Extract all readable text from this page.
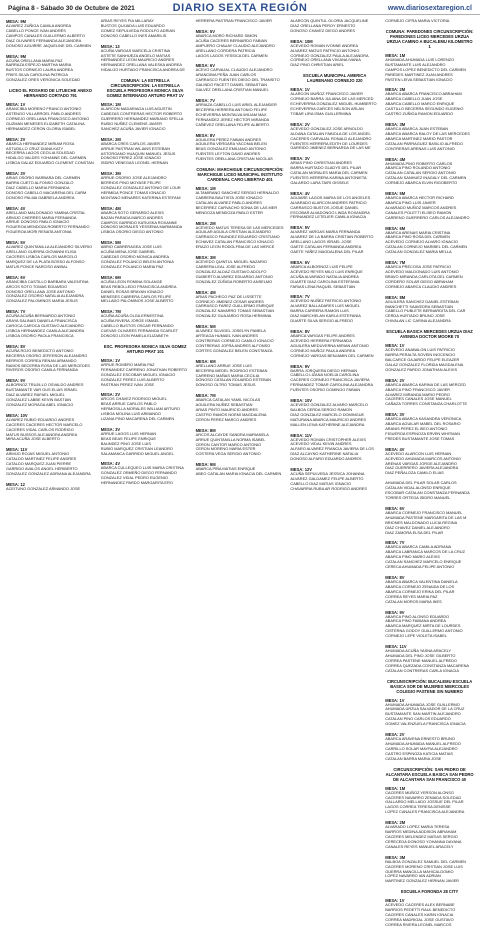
Página 8 - Sábado 30 de Octubre de 2021	DIARIO SEXTA REGIÓN	www.diariosextaregion.cl
MESA: 9M
ALVAREZ ZUÑIGA CAMILA ANDREA
CABELLO PONCE IVAN ANDRÉS
CAMPOS CANALES GUILLERMO ALBERTO
DIAZ OLIVARES FERNANDA ALEJANDRA
DONOSO AGUIRRE JAQUELINE DEL CARMEN
MESA: 9M
ACUÑA ORELLANA MARIA PAZ
BARRAZA ESPEJO MARTHA MARIA
BUSTOS CORNEJO LAURA ANDREA
FRIES SILVA CAROLINA PATRICIA
GONZALEZ ORES VERONICA SOLEDAD
LICEO EL ROSARIO DE LITUECHE ANEXO HERNANDO CORTADO 791
MESA: 1V
ARANCIBIA MORENO FRANCO ANTONIO
ASTENGO VILLARROEL PABLO ANDRES
CORNEJO ORELLANA FRANCISCO ANTONIO
GUZMAN MENESES ELIZABETH CATALINA
HERNANDEZ CERON GLORIA ISABEL
MESA: 2V
ABARCA HERNANDEZ MIRIAM ROSA
ASTUDILLO CRUZ DIANA KATY
BECERRA LAGOS CECILIA SOLEDAD
HIDALGO VALDES YOHANNE DEL CARMEN
LISBOA GALAZ EDUARDO CLEMENT CONSTAN
MESA: 3V
ARIAS OSORIO BARBARA DEL CARMEN
BARRA CUETO ALFONSO GONZALO
DIAZ CABELLO MARIA FERNANDA
DONOSO CABELLO MACARENA DEL CARM
DONOSO PALMA GABRIELA ANDREA
MESA: 4V
ARELLANO MALDONADO YAMINA CRISTAL
ARMIJO CHERRES MARIA FERNANDA
ARRUE DONOSO PABLO IGNACIO
FIGUEROA MENDOZA ROBERTO FERNANDO
FIGUEROA MORI RENATA ANTONIA
MESA: 5V
ALVAREZ QUINTANILLA ALEJANDRO SILVERIO
ARELLANO GUERRA GIOVANNI ELISA
CACERES LISBOA CARLOS MARCELO
MARQUEZ DE LA PLATA BOSSO ALFONSO
MATUS PONCE NARCISO ANIBAL
MESA: 6V
ARANCIBIA CASTILLO BARBARA VALENTINA
ARCOS SOTO TOMAS EDUARDO
DONOSO ORELLANA JOSE ANTONIO
GONZALEZ OSORIO NATALIA ALEJANDRA
GONZALEZ PALOMINOS MARIA JESUS
MESA: 7V
ACUÑA ACUÑA BERNARDO ANTONIO
ARAYA SALINAS DANIELA FRANCISCA
CAROCA CAROCA GUSTAVO ALEJANDRO
LISBOA HERNANDEZ CAMILA ALEJANDRA
LISBOA OSORIO PAOLA FRANCISCA
MESA: 8V
ACUÑA ROJO BENEDICTO ANTONIO
BECERRA OSORIO JEFERSON ALEJANDRO
BERRIOS CORREA RENAN ARMANDO
RAMOS BECERRA ROSA DE LAS MERCEDES
RIVEROS OSORIO CAMILA FERNANDA
MESA: 9V
ALBORNOZ TRUJILLO OSVALDO ANDRES
BUSTAMANTE VAR GUS ELIAS ISRAEL
DIAZ ALVAREZ RAFAEL MIGUEL
GONZALEZ LABBE KEVIN BASTIAN
GONZALEZ MORAGA ABEL IGNACIO
MESA: 10V
ALVAREZ RUBIO EDUARDO ANDRES
CACERES CACERES HECTOR MARCELO
CACERES VIDAL CARLOS RODRIGO
MATUS BUSSOS ALEJANDRA ANDREA
MIRA ACUÑA JOSE ALBERTO
MESA: 11V
ARMIJO ROJAS MIGUEL ANTONIO
CATALDO MARTINEZ FELIPE ANDRES
CATALDO MARQUEZ JUAN PIERRE
GARRIDO AVALOS ANGEL HERIBERTO
GONZALEZ GONZALEZ ADRIANA ALEJANDRA
MESA: 12
ACEITUNO GONZALEZ ARMANDO JOSE
ARIAS REYES PIA MILLARAY
BUSTOS QUIJADA LUIS EDUARDO
GOMEZ SEPULVEDA RODOLFO ADRIAN
DONOSO CABELLO INES AMARILIS
MESA: 13
ACUÑA VARGAS MARCELA CRISTINA
ASTETE SANHUEZA ANGELO MATIAS
HERNANDEZ LEON MAURICIO ANDRES
HERNANDEZ ORELLANA VALESKA ANDREA
HIDALGO HURTADO FRANCISCA ANDREA DE
COMUNA: LA ESTRELLA CIRCUNSCRIPCIÓN: LA ESTRELLA ESCUELA PROFESORA MONICA SILVA GOMEZ INTERNADO ARTURO PRAT 1V
MESA: 1M
ALARCON MADARIAGA LUIS AGUSTIN
CABEZAS CONTRERAS HECTOR ROBERTO
GUERRERO HERNANDEZ MARIANO SFELLA
RUBIO NUÑEZ CLEMENS JAVIER
SANCHEZ ACUÑA JAVIER IGNACIO
MESA: 2M
ABARCA CRES CARLOS JAVIER
ARRUE PASTRAN WILIANS ESTEBAN
ASTORGANO HUAQUIN MANUEL JESUS
DONOSO PEREZ JOSE IGNACIO
ISIDRO VENEGAS LEONEL HERNAN
MESA: 3M
ARRUE OSORIO JOSE ALEJANDRO
BERRIOS PINO MOYASE FELIPE
GONZALEZ GONZALEZ ANTONIO DE LOUR
HERMIDA PONCE TOMAS IGNACIO
MONTANO MENARES KATERINA ESTEFANI
MESA: 4M
ABARCA SOTO GERARDO ALEXIS
BAZAN PARADA MARCO ANDRES
CAMPOS GARRIDO KATIUSKA ROXANNE
DONOSO MORALES YESSENIA MARMANDA
LISBOA OSORIO DIEGO ANTONIO
MESA: 5M
ABRIO CABRERAGEA JOSE LUIS
ACUÑA MENA JOSE GABRIEL
CABEZAS OSORIO MONICA ANDREA
GONZALEZ POLANCO BELEN ANTONIA
GONZALEZ POLANCO MARIA PAZ
MESA: 6M
ACUÑA LEON ROMINA SOLANGE
BEAS REBOLLEDO FRANCISCA ANDREA
DANIEL ROSAS BRAYAN IGNACIO
MENESES CABRERA CARLOS FELIPE
MELLADO PALOMINOS JOSE ALBERTO
MESA: 7M
ACUÑA ACUÑA OLGA ERNESTINA
ACUÑA RIVERA JORGE ISMAEL
CABELLO BUSTOS OSCAR FERNANDO
CUEVAS OLIVARES FERNANDA SCARLET
DONOSO LEON PAMELA ELIZABETH
ESC. PROFESORA MONICA SILVA GOMEZ ARTURO PRAT 101
MESA: 1V
ARRUE ROMERO MARIA PAZ
FERNANDEZ CARRENO JONATHAN ROBERTO
GONZALEZ ESCOBAR MIGUEL IGNACIO
GONZALEZ PEREZ LUIS ALBERTO
PASTRAN PEREZ IVAN JOSE
MESA: 2V
ARCOS CHAVEZ RODRIGO MIGUEL
BEAS ARRUE CARLOS PABLO
HERMOSILLA MORALES WILLIAM ARTURO
LISBOA MOLINA LUIS ARMANDO
LIZANA PINO MACARENA DEL CARMEN
MESA: 3V
ARRUE LAGOS LUIS HERNAN
BEAS BEAS FELIPE ENRIQUE
BAUNDEZ PINO JOSE LUIS
RUBIO MARQUEZ CRISTIAN LEANDRO
SALAMANCA GARRIDO MIGUEL ANGEL
MESA: 4V
ABARCA CULLEQUEO LUIS MARIA CRISTINA
GONZALEZ ORMEÑO DIEGO FERNANDO
GONZALEZ VIDAL PEDRO EUGENIO
HERNANDEZ PARDO MARGARITA ERO
HERRERA PASTRAN FRANCISCO JAVIER
MESA: 5V
ABARCA MORO RICHARD SIMON
ACUÑA CACERES BERNARDO FABIAN
AMPUERO CHAUAY CLAUDIO ALEJANDRO
ARELLANO CORDERA PATRICIA
LAGOS LAGOS YESSICA DEL CARMEN
MESA: 6V
ACEVO CARVAJAL CLAUDIO ALEJANDRO
ARANCIBIA PEÑA JUAN CARLOS
CARRASCO FUENTES DIEGO DEL TRANSITO
GALINDO PACETT DANIEL SEBASTIAN
GALVEZ ORELLANA CRISTIAN MANUEL
MESA: 7V
ARRIAZA CABELLO LUIS ARIEL ALEJANDER
BECERRA HERRERA ANTONIO FELIPE
ECHEVERRIA MONTALVA WILIAM MAX
FERNANDEZ JEREZ HECTOR MIRANDA
CAÑEVEZ ORELLANA FELIPE ALBERTO
MESA: 8V
AGUILERA PEREZ FABIAN ANDRES
AGUILERA VERGARA YACONIA BELEN
BEAS GONZALEZ EMILIANO ANTONIO
FUENTES LEYTON DAVID ANDRES
FUENTES ORELLANA CRISTIAN NICOLAS
COMUNA: MARCHIGUE CIRCUNSCRIPCIÓN: MARCHIGUE LICEO MUNICIPAL INSTITUTO CARDENAL CARO LIBERTAD 401
MESA: 1M
ALTAMIRANO SANCHEZ SERGIO HERNALDO
CABRERA BAUTISTA JOSE IGNACIO
CATALAN ALVAREZ PABLO ANDRES
BECERREZ CARVACHO SONIA DE LAS MER
MENDOZA MENDOZA PABLO ESTER
MESA: 2M
ACEVEDO MATUS TERESA DE LAS MERCEDES
AGUILAR AGUILA CRISTIAN ALEJANDRO
CARRASCO FAUNDEZ EDUARDO CRISTIANO
ECHAVEZ CATALAN FRANCISCO IGNACIO
ERAZO LEON RODOLFINA DE LAS MERCE
MESA: 3M
ACEVEDO QUINTUL MIGUEL NAZARIO
CABRERA LEAL JOSE ALFREDO
GONZALEZ ALDAZ GUSTAVO ADOLFO
GUIBERTO ALVAREZ EDUARDO ANTONIO
GONZALEZ ZÚÑIGA ROBERTO ANSELMO
MESA: 4M
ARIAS PACHECO PAZ DE LISSETTE
CORNEJO JIMENEZ CESAR ANDRES
CARRASCO FAREZ GUILLERMO ENRIQUE
GONZALEZ NAVARRO TOMAS SEBASTIAN
GONZALEZ GUAJARDO ROSA HERMINIA
MESA: 5M
ALVAREZ SILVIGEL JOSELYN PAMELA
ARTEAGA HUMAEL IVAN ANDRES
CONTRERAS CORNEJO CAMILO IGNACIO
CONTRERAS JOFRA ANDRES ALFONSO
CORTES GONZALEZ BELEN CONSTANZA
MESA: 6M
ARELLANO ARRUE JOSE LUIS
BECERRA MEDEL RODRIGO ESTEBAN
CARRENO MAÑAS MARIA CECILIA
DONOSO CATALAN EDUARDO ESTEBAN
DONOSO OLTRO TOMAS JESUS
MESA: 7M
ABARCA CATALAN YAMIL NICOLAS
AGUILERA NUÑEZ SEBASTIAN
ARIAS PINTO MAURICIO ANDRES
CASTRO RAMOS NOEMI MAGDALENA
CERON PEREZ MARCO ANDRES
MESA: 8M
ARCOS ALCAYDE SANDRA MARIANELA
ARRUE QUINTANILLA NORMA ISABEL
CERON CANTOR MARCO ANTONIO
CERON MORENO MARIA ESTER
COSTERA VEGA SERGIO ANTONIO
MESA: 9M
ABARCA PIÑA MATIAS ENRIQUE
ABEO CATALAN MARIA IGNACIA DEL CARMEN
ALARCON QUINTUL GLORIA JACQUELINE
DIAZ ORELLANA PEROY ERNESTO
DONOSO CHAVEZ DIEGO ANDRES
MESA: 10M
ACEVEDO ROMAN IVONNE ANDREA
ALVAREZ MATUS PATRICIO ANTONIO
CORNEJO GONZALEZ PAULA ALEJANDRA
CORNEJO ORELLANA VIVIANA IVANIA
DIAZ PINO CHRISTIAN ARIEL
ESCUELA MUNICIPAL AMERICA LAURENANO CORNEJO 220
MESA: 1V
ALARCON MUÑOZ FRANCISCO JAVIER
CORNEJO BARRA JULIANA DE LAS MERCED
ECHEVERRIA GONZALEZ MIGUEL HUMBERTO
ECHEVERRIA GARCES NELSON ARLAN
TOBAR LIRA ISMA GUILLERMINA
MESA: 2V
ACEVEDO GONZALEZ JOSE ARNOLDO
ALDANA CATALAN FABIOLA DE LOS ANGEL
CACERES CARVAJAL RONALD ALEJANDRO
FUENTES HERRERA EDITH DE LOURDES
GARRIDO JIMENEZ BERNARDA DE LAS ME
MESA: 3V
ARIAS PINO CHRISTIAN ANDRES
BARRA HURTADO GLADYS DEL PILAR
CATALAN MORALES MARIA DEL CARMEN
FUENTES HERRERA KARINA ANTONIETA
GALARDO LARA TAIRI GISSELE
MESA: 4V
AGUIARE LAGOS MARIA DE LOS ANGELES
ALVARADO ALARCON ANDRES PATRICIO
CARRASCO BUSTOS JOSUE DANIEL
ESCOBAR ALVADONGO LINDA ROXANDRA
FERNANDEZ LETELIER CAMILA IGNACIA
MESA: 5V
ALVAREZ VARGAS MARIA FERNANDA
ALVAREZ DE LA BARRA CRISTIAN ROBERTO
ARELLANO LAGOS ISRAEL JOSE
GAETE CATALAN FERNANDA ANDREA
GAETE YAÑEZ MAGDALENA DEL PILAR
MESA: 6V
ABARCA ALBORNOZ LUIS FELIPE
ACEVEDO REYES MILO LUIS ENRIQUE
ACUÑA ALVARADO NATALIA ANDREA
DUARTE DIAZ CAROLINA ESTEFANIA
FARIAS LENA RAQUEL SEBASTIAN
MESA: 7V
ACEVEDO NUÑEZ PATRICIO ANTONIO
ALVAREZ BALLADARES LUIS MIGUEL
BARRA CARRERA RAMON LUIS
DIAZ MARCHELAN KARLA ESTEFANIA
DUARTE SILVA SERGIO ALFREDO
MESA: 8V
ABARCA VARGAS FELIPE ANDRES
ACEVEDO HERRERA FERNANDA
AGUILERA MEDUVERNA MIRIAN ANTONIO
CORNEJO MUÑOZ PAULA ANDREA
CORNEJO VARGAS BENJAMIN DEL CARMEN
MESA: 9V
BARRA JORQUERA DIEGO HERNAN
CABELLO LIZANA NOELIA CAROLINA
CACERES CORNEJO FRANCISCA JAVIERA
FERNANDEZ TOBAR CAROLINA ALEJANDRA
FUENTES OSORIO DOMINGO FABIAN
MESA: 10V
ACEVEDO GONZALEZ ALVARO MARCELO
BALBOA CERDA SERGIO RAMON
DIAZ GONZALEZ MARCELO DOMINGUE
MATURANA ABARCA MAURICIO ANDRES
MALLEN LEIVA KATHERINE ALEJANDRA
MESA: 11V
ACEVEDO ROMAN CRISTOPHER ALEXIS
ACEVEDO VIDAL KEVIN ANDRES
ALFARO ALVAREZ FRANCIA JAVIERA DE LOS
DIAZ ALCAYNO KATHERINE NATALIA
DONOSO ALFARO EDUARDO ANDRES
MESA: 12V
ACUÑA SEPULVEDA JESSICA JOHANNA
ALVAREZ GALDAMEZ FELIPE ALBERTO
CABELLO DIAZ MATIAS IGNACIO
CHAVARRIA RUBILAR RODRIGO ANDRES
CORNEJO CIFRA MARIA VICTORIA
COMUNA: PAREDONES CIRCUNSCRIPCIÓN: PAREDONES LICEO MERCEDES URZUA URZUA CAMINO A BUCALEMU KILOMETRO 1
MESA: 1M
AHUMADA AHUMADA LUIS LORENZO
BUSTAMANTE LUIS ALEJANDRO
CAMPOS LOPEZ BENEDICTO DEL CARMEN
PAREDES MARTINEZ JUAN ANDRES
PASTEN LEIVA SEBASTIAN IGNACIO
MESA: 2M
ABARCA ABARCA FRANCISCO ABRAHAM
ABARCA CABELLO JUAN JOSE
ABARCA CABELLO MARCO ENRIQUE
CASTILLO BECERRA SEGUNDO EUGENIO
CASTRO ZUÑIGA RAMON EDUARDO
MESA: 3M
ABARCA ABARCA JUAN ESTEBAN
ABARCA ABARCA RALOY DE LAS MERCEDES
ABARCA MARTINEZ MARIO PASTOR
CATALAN PARRAGUEZ BASILIO ALFREDO
CONTRERAS ARENAS LUIS ANTONIO
MESA: 4M
AHUMADA PINO ROBERTO CARLOS
ABARCA PINO ROLANDO ANTONIO
CATALAN CATALAN SERGIO ANTONIO
CATALAN SANHUEZ INAGALY DEL CARMEN
CORNEJO ABARCA ELVIN RIGOBERTO
MESA: 5M
ABARCA ABARCA HECTOR RICHARD
ABARCA PINO LUIS JAVIER
ALVARADO MUÑOZ MARCOS ANDRES
CANALES POLETTI ELISEO RAMON
CARRENO GUERRERO CARLOS ALEJANDRO
MESA: 6M
ABARCA ARENAS MARIA CRISTINA
ABARCA PINO ROSA DEL CARMEN
ACEVEDO CORNEJO ALVARO IGNACIO
CATALAN CORNEJO MARIBEL DEL CARMEN
CATALAN GONZALEZ MARIA MELLA
MESA: 7M
ABARCA PRECOSA JOSE PATRICIO
ACEVEDO MALDONADO LUIS ANTONIO
BRAVO MIRANDA CARLOTA DEL CARMEN
CORDERO SOLAR DIEGO ABRAHAM
CORNEJO ABARCA CLAUDIO ANDRES
MESA: 8M
AGUILERA SANCHEZ DANIEL ESTEBAN
BIANCHETTI SAAVEDRA SEBASTIAN
CABELLO PUBLETE BERNARDITA DEL CAR
CERDA HURTADO BRUNO JOSE
CHIVALAN LIC CARINA ALEJANDRA
ESCUELA BASICA MERCEDES URZUA DIAZ AVENIDA DOCTOR MOORE 70
MESA: 1V
ACEVEDO ANABALON LUIS PATRICIO
BARRA PERALTA SOVEIN INOCENCIO
BALCARCE GAJARDO FELIPE ELEAZER
GALAZ GONZALEZ FLORIDA MAGDALENA
GONZALEZ PARDO JONATHAN ALEXIS
MESA: 2V
ABARCA ABARCA KARINA DE LAS MERCED
ABARCA PINO FRANCISCO JAVIER
ALVAREZ MIRANDA MARIO PEDRO
CACERES CANALES JOSE MANUEL
CAÑAZA TORRES CONSTANZA CHARLOTTE
MESA: 3V
ABARCA ABARCA KASANDRA VERONICA
ABARCA AGUILAR MABEL DEL ROSARIO
ARANIS PEREZ ELISEO ANTONIO
FIGUEROA ESPINOZA ERVEN WHITMAN
FREDES BUSTAMANTE JOSE TOMAS
MESA: 4V
ACEVEDO ALARCON LUIS HERNAN
ACEVEDO AHUMADA MARCOS ANTONIO
ARENAS VARGAS JORGE ALEJANDRO
DIAZ GUERRERO JAVIERA ALEJANDRA
DIAZ PEÑALOZA CAMILO ELIAS
AHUMADA DEL PILAR SOLAR CARLOS
CATALAN VIDAL ALONSO ENRIQUE
ESCOBAR CATALAN CONSTANZA FERNANDA
TORRES ORTEGA ISIDRO MANUEL
MESA: 6V
ABARCA CORNEJO FRANCISCO MANUEL
AHUMADA PASTENE MARGARITA DE LAS M
BRIONES MALDONADO LUCIA REGINA
DIAZ CHAVEZ DANIEL ALEJANDRO
DIAZ ZAMORA ELSA DEL PILAR
MESA: 7V
ABARCA ABARCA CAMILA ADRIANA
ABARCA LABRANCA MARCOS DE LA CRUZ
ABARCA PINO MARIO ALEXIS
CATALAN SANCHEZ MARCELO ENRIQUE
CERECA AHUMADA FELIPE ANTONIO
MESA: 8V
ABARCA ABARCA VALENTINA DANIELA
ABARCA CORNEJO ZENAIDA DE LOS
ABARCA CORNEJO ERIKA DEL PILAR
CORREA REYES MARIA PAZ
CATALAN MOROS MARIA INES
MESA: 9V
ABARCA PINO ALONSO EDUARDO
ABARCA PINO FABIANA ANDREA
ABARCA MARQUEZ MIRTA DE LOURDES
CISTERNA GODOY GUILLERMO ANTONIO
CORNEJO LEPE VIOLETA ISABEL
MESA: 11V
AHUMADA ACUÑA YASNA ARACELY
AHUMADA DEL PINO JOSE GILBERTO
CORREA PASTENE MANUEL ALFREDO
CORREA QUEZADA CONSTANZA MACARENA
CATALAN CONTRERAS CARLA IGNACIA
CIRCUNSCRIPCIÓN: BUCALEMU ESCUELA BASICA SOR DE MUJERES MIERCOLES COLEGIO PASTENE SIN NUMERO
MESA: 1V
AHUMADA AHUMADA JOSE GUILLERMO
AHUMADA URZUA SALVADOR DE LA CRUZ
BUSTAMANTE SAN MARTIN ALEJANDRO
CATALAN PINO CARLOS EDUARDO
GOMEZ VALENZUELA FRANCISCA IGNACIA
MESA: 2V
ABARCA ARAVENA ERNESTO BRUNO
AHUMADA AHUMADA MANUEL ALFREDO
CARRILLO SOLAR MAYRA ALEJANDRO
CASTRO ESPINOZA KATICIA MATIAS
CATALAN BARRA MARIA JOSE
CIRCUNSCRIPCIÓN: SAN PEDRO DE ALCANTARA ESCUELA BASICA SAN PEDRO DE ALCANTARA SAN FRANCISCO 40
MESA: 1M
CACERES MUÑOZ YERSON ALONSO
CACERES NAVARRO ZENAIDA SOLEDAD
GALLARDO MELLADO JOSSUE DEL PILAR
LAGOS CORREA TERESA DENISSE
LOPEZ CANALES FRANCISCA ALEJANDRA
MESA: 2M
ALVARADO LOPEZ MARIA TERESA
BARROS MEDINA ADDISON ABRAHAM
CACERES MELENDEZ MATIAS SERGIO
CERECEDA DONOSO YOHANNA DAYANA
CANALES REYES MANUEL ARACELY
MESA: 3M
BALBOA GONZALEZ SAMUEL DEL CARMEN
CACERES MORENO CRISTIAN JOSE LUIS
GUERRA MANCILLA MAHICALDOMIO
LOPEZ NAVARRO IAN ADRIAN
MARTINEZ GONZALEZ HERNAN JAVIER
ESCUELA FORONDA 28 CITY
MESA: 1V
ACEVEDO CACERES ALEX BERNABE
BARRIOS PEDETTI RAUL BENEDICTO
CACERES CANALES KARIN IGNACIA
CORREA MADRIGAL JOSE GUSTAVO
CORREA RIVERA LEONEL MARCOS
